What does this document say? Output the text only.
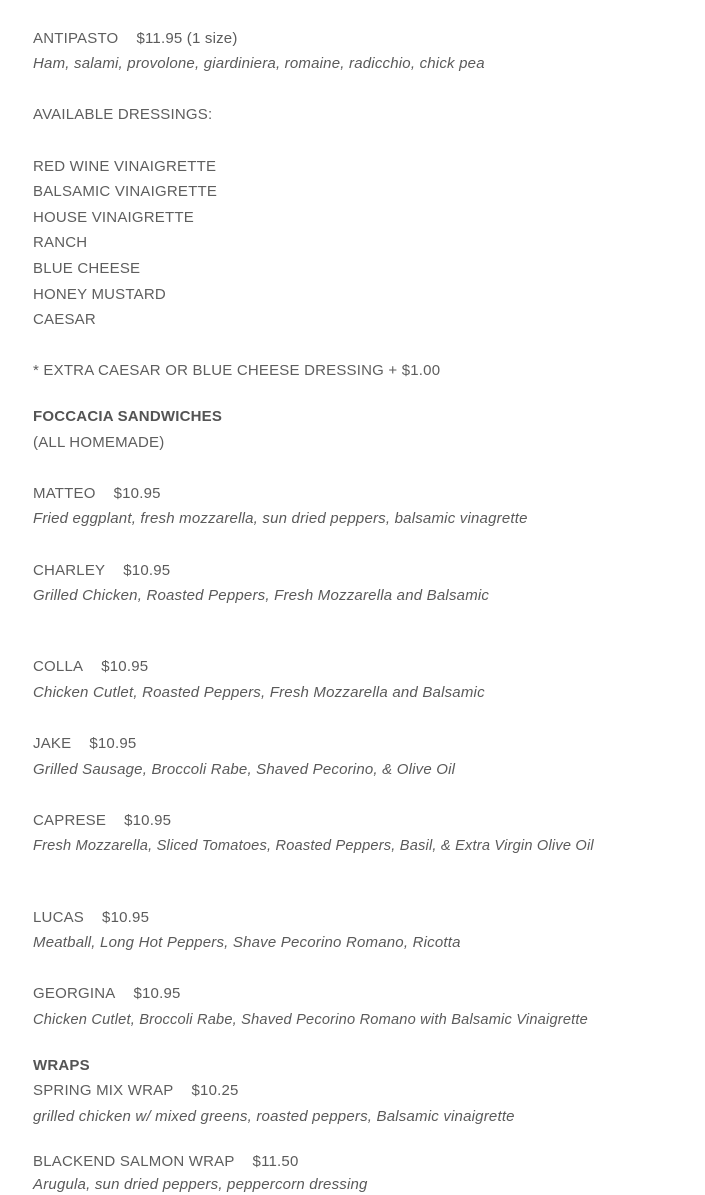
ANTIPASTO $11.95 (1 size)
Ham, salami, provolone, giardiniera, romaine, radicchio, chick pea
AVAILABLE DRESSINGS:
RED WINE VINAIGRETTE
BALSAMIC VINAIGRETTE
HOUSE VINAIGRETTE
RANCH
BLUE CHEESE
HONEY MUSTARD
CAESAR
* EXTRA CAESAR OR BLUE CHEESE DRESSING + $1.00
FOCCACIA SANDWICHES
(ALL HOMEMADE)
MATTEO $10.95
Fried eggplant, fresh mozzarella, sun dried peppers, balsamic vinagrette
CHARLEY $10.95
Grilled Chicken, Roasted Peppers, Fresh Mozzarella and Balsamic
COLLA $10.95
Chicken Cutlet, Roasted Peppers, Fresh Mozzarella and Balsamic
JAKE $10.95
Grilled Sausage, Broccoli Rabe, Shaved Pecorino, & Olive Oil
CAPRESE $10.95
Fresh Mozzarella, Sliced Tomatoes, Roasted Peppers, Basil, & Extra Virgin Olive Oil
LUCAS $10.95
Meatball, Long Hot Peppers, Shave Pecorino Romano, Ricotta
GEORGINA $10.95
Chicken Cutlet, Broccoli Rabe, Shaved Pecorino Romano with Balsamic Vinaigrette
WRAPS
SPRING MIX WRAP $10.25
grilled chicken w/ mixed greens, roasted peppers, Balsamic vinaigrette
BLACKEND SALMON WRAP $11.50
Arugula, sun dried peppers, peppercorn dressing
